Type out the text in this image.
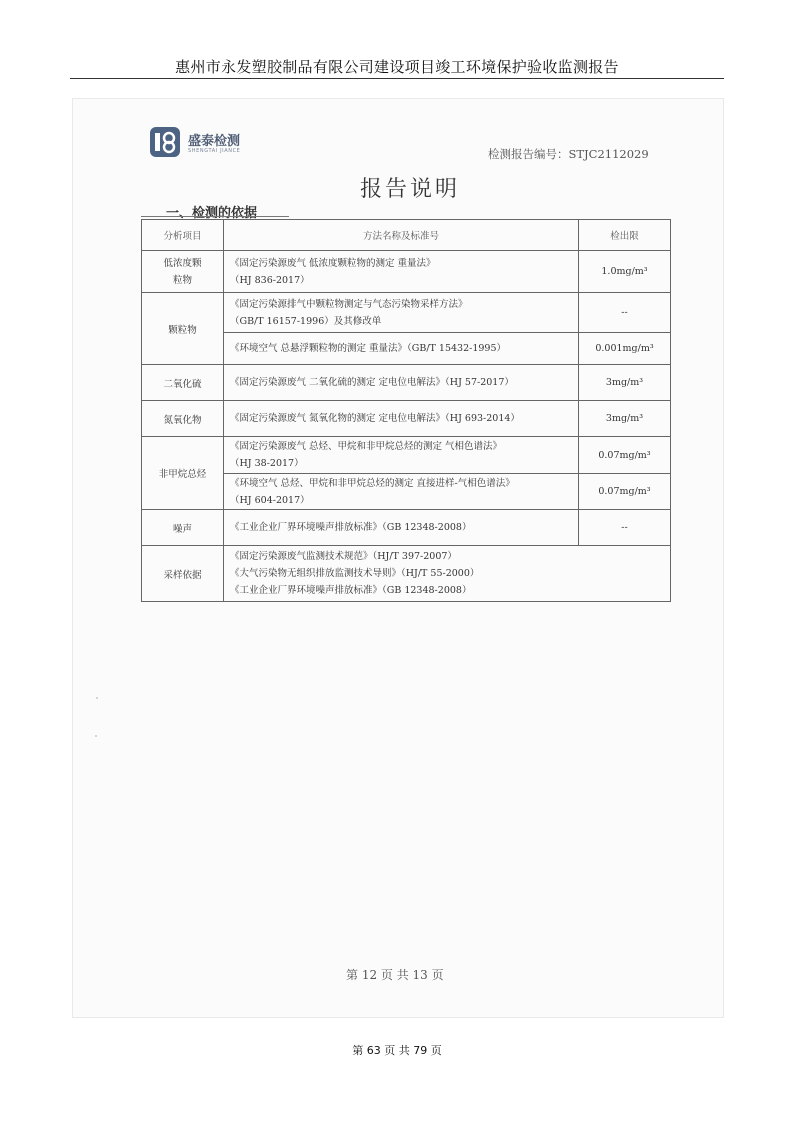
惠州市永发塑胶制品有限公司建设项目竣工环境保护验收监测报告
盛泰检测
SHENGTAI JIANCE	检测报告编号：STJC2112029
报告说明
一、检测的依据
分析项目	方法名称及标准号	检出限
低浓度颗粒物	《固定污染源废气 低浓度颗粒物的测定 重量法》
（HJ 836-2017）	1.0mg/m³
颗粒物	《固定污染源排气中颗粒物测定与气态污染物采样方法》
（GB/T 16157-1996）及其修改单	--

	《环境空气 总悬浮颗粒物的测定 重量法》（GB/T 15432-1995）	0.001mg/m³
二氧化硫	《固定污染源废气 二氧化硫的测定 定电位电解法》（HJ 57-2017）	3mg/m³
氮氧化物	《固定污染源废气 氮氧化物的测定 定电位电解法》（HJ 693-2014）	3mg/m³
非甲烷总烃	《固定污染源废气 总烃、甲烷和非甲烷总烃的测定 气相色谱法》
（HJ 38-2017）	0.07mg/m³

	《环境空气 总烃、甲烷和非甲烷总烃的测定 直接进样-气相色谱法》
（HJ 604-2017）	0.07mg/m³
噪声	《工业企业厂界环境噪声排放标准》（GB 12348-2008）	--
采样依据	《固定污染源废气监测技术规范》（HJ/T 397-2007）
《大气污染物无组织排放监测技术导则》（HJ/T 55-2000）
《工业企业厂界环境噪声排放标准》（GB 12348-2008）	
第 12 页 共 13 页
第 63 页 共 79 页
